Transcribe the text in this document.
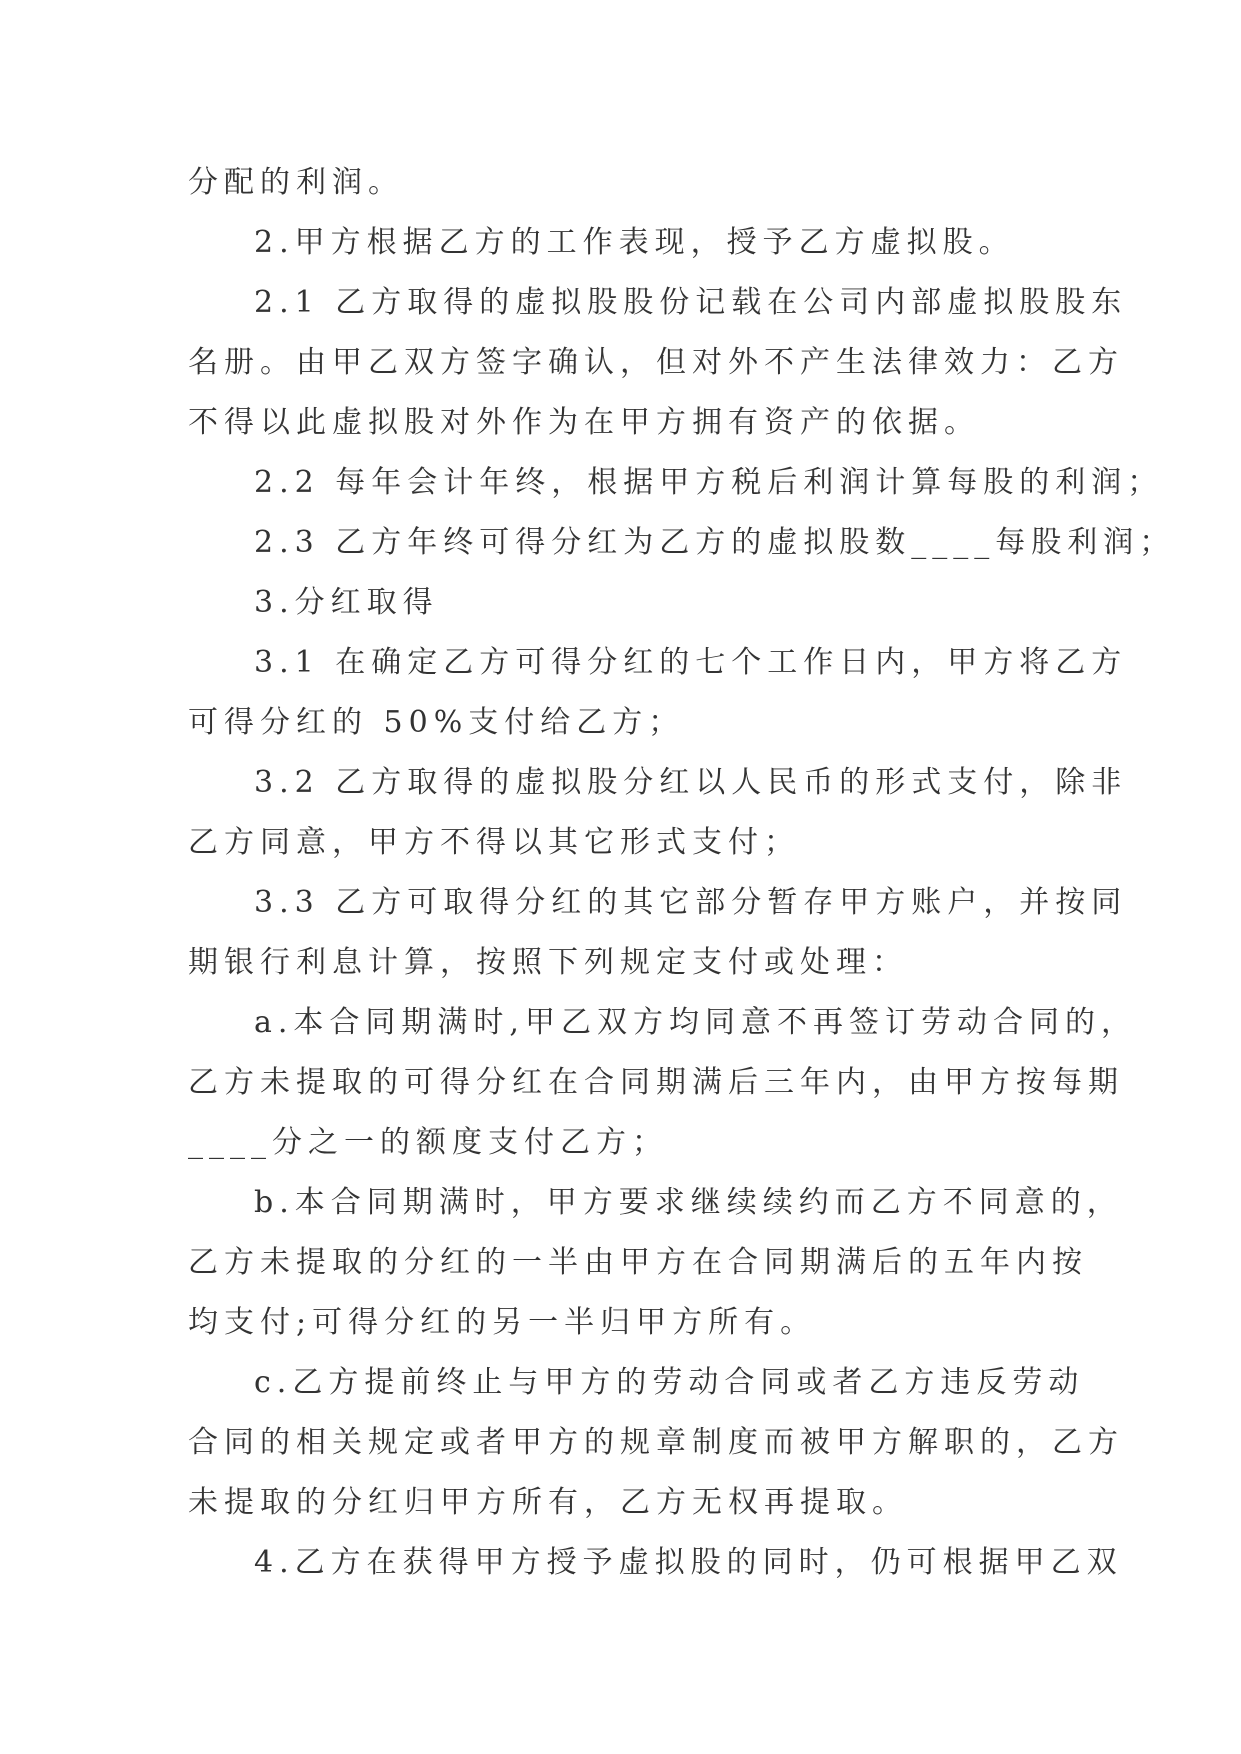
分配的利润。

2.甲方根据乙方的工作表现，授予乙方虚拟股。

2.1 乙方取得的虚拟股股份记载在公司内部虚拟股股东

名册。由甲乙双方签字确认，但对外不产生法律效力：乙方

不得以此虚拟股对外作为在甲方拥有资产的依据。

2.2 每年会计年终，根据甲方税后利润计算每股的利润；

2.3 乙方年终可得分红为乙方的虚拟股数____每股利润；

3.分红取得

3.1 在确定乙方可得分红的七个工作日内，甲方将乙方

可得分红的 50%支付给乙方；

3.2 乙方取得的虚拟股分红以人民币的形式支付，除非

乙方同意，甲方不得以其它形式支付；

3.3 乙方可取得分红的其它部分暂存甲方账户，并按同

期银行利息计算，按照下列规定支付或处理：

a.本合同期满时,甲乙双方均同意不再签订劳动合同的，

乙方未提取的可得分红在合同期满后三年内，由甲方按每期

____分之一的额度支付乙方；

b.本合同期满时，甲方要求继续续约而乙方不同意的，

乙方未提取的分红的一半由甲方在合同期满后的五年内按

均支付;可得分红的另一半归甲方所有。

c.乙方提前终止与甲方的劳动合同或者乙方违反劳动

合同的相关规定或者甲方的规章制度而被甲方解职的，乙方

未提取的分红归甲方所有，乙方无权再提取。

4.乙方在获得甲方授予虚拟股的同时，仍可根据甲乙双
